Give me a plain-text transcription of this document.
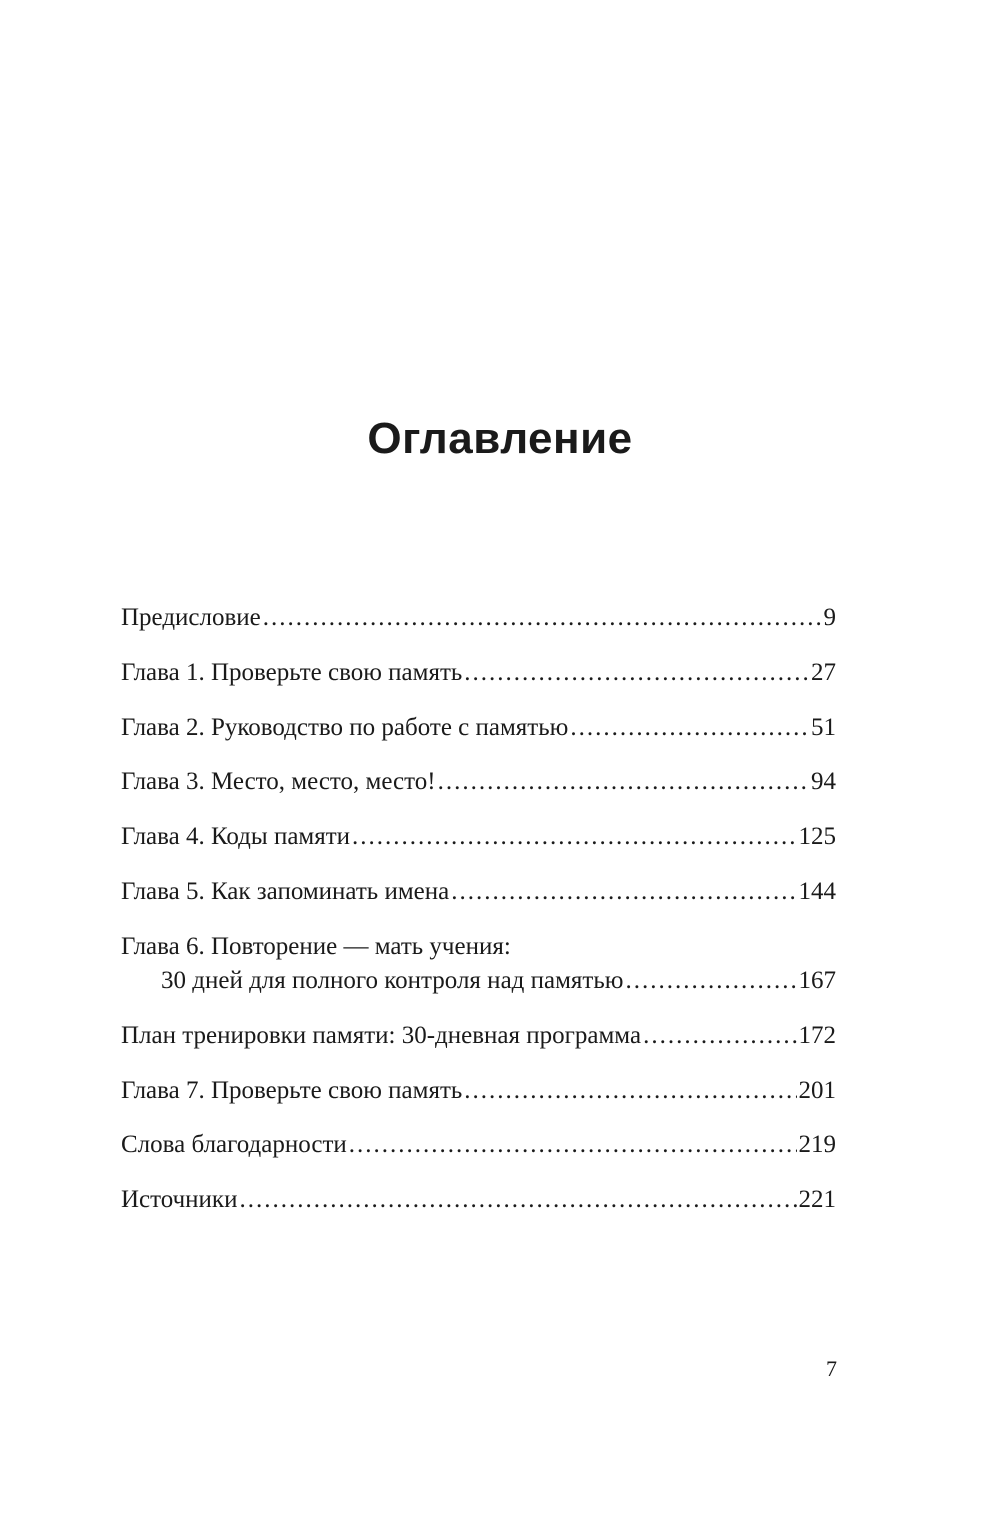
Оглавление
Предисловие .....	9
Глава 1. Проверьте свою память .....	27
Глава 2. Руководство по работе с памятью .....	51
Глава 3. Место, место, место! .....	94
Глава 4. Коды памяти .....	125
Глава 5. Как запоминать имена .....	144
Глава 6. Повторение — мать учения:
30 дней для полного контроля над памятью .....	167
План тренировки памяти: 30-дневная программа .....	172
Глава 7. Проверьте свою память .....	201
Слова благодарности .....	219
Источники .....	221
7
